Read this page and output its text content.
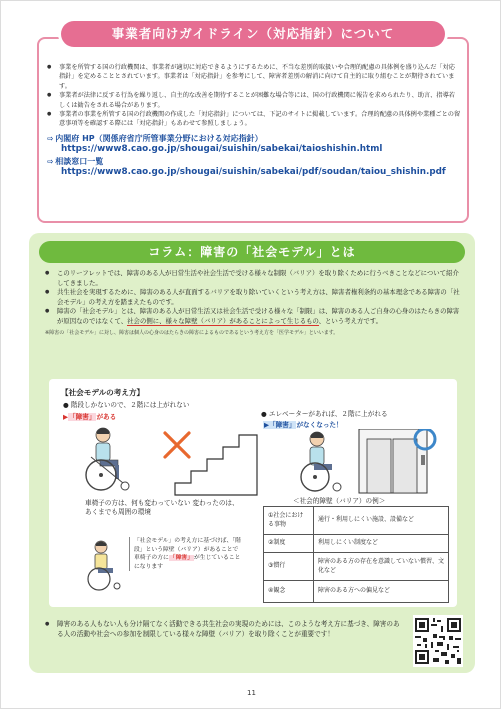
事業者向けガイドライン（対応指針）について

● 事業を所管する国の行政機関は、事業者が適切に対応できるようにするために、不当な差別的取扱いや合理的配慮の具体例を盛り込んだ「対応指針」を定めることとされています。事業者は「対応指針」を参考にして、障害者差別の解消に向けて自主的に取り組むことが期待されています。

● 事業者が法律に反する行為を繰り返し、自主的な改善を期待することが困難な場合等には、国の行政機関に報告を求められたり、助言、指導若しくは勧告をされる場合があります。

● 事業者の事業を所管する国の行政機関の作成した「対応指針」については、下記のサイトに掲載しています。合理的配慮の具体例や業種ごとの留意事項等を確認する際には「対応指針」もあわせて参照しましょう。

⇨ 内閣府 HP（関係府省庁所管事業分野における対応指針）
https://www8.cao.go.jp/shougai/suishin/sabekai/taioshishin.html
⇨ 相談窓口一覧
https://www8.cao.go.jp/shougai/suishin/sabekai/pdf/soudan/taiou_shishin.pdf
コラム：障害の「社会モデル」とは

● このリーフレットでは、障害のある人が日常生活や社会生活で受ける様々な制限（バリア）を取り除くために行うべきことなどについて紹介してきました。

● 共生社会を実現するために、障害のある人が直面するバリアを取り除いていくという考え方は、障害者権利条約の基本理念である障害の「社会モデル」の考え方を踏まえたものです。

● 障害の「社会モデル」とは、障害のある人が日常生活又は社会生活で受ける様々な「制限」は、障害のある人ご自身の心身のはたらきの障害が原因なのではなくて、社会の側に、様々な障壁（バリア）があることによって生じるもの、という考え方です。

※障害の「社会モデル」に対し、障害は個人の心身のはたらきの障害によるものであるという考え方を「医学モデル」といいます。

【社会モデルの考え方】
● 階段しかないので、２階には上がれない
▶「障害」がある	● エレベーターがあれば、２階に上がれる
▶「障害」がなくなった！
車椅子の方は、何も変わっていない 変わったのは、あくまでも周囲の環境
「社会モデル」の考え方に基づけば、「階段」という障壁（バリア）があることで車椅子の方に「障害」が生じていることになります
＜社会的障壁（バリア）の例＞
①社会における事物	通行・利用しにくい施設、設備など
②制度	利用しにくい制度など
③慣行	障害のある方の存在を意識していない慣習、文化など
④観念	障害のある方への偏見など

● 障害のある人もない人も分け隔てなく活動できる共生社会の実現のためには、このような考え方に基づき、障害のある人の活動や社会への参加を制限している様々な障壁（バリア）を取り除くことが重要です！

11
